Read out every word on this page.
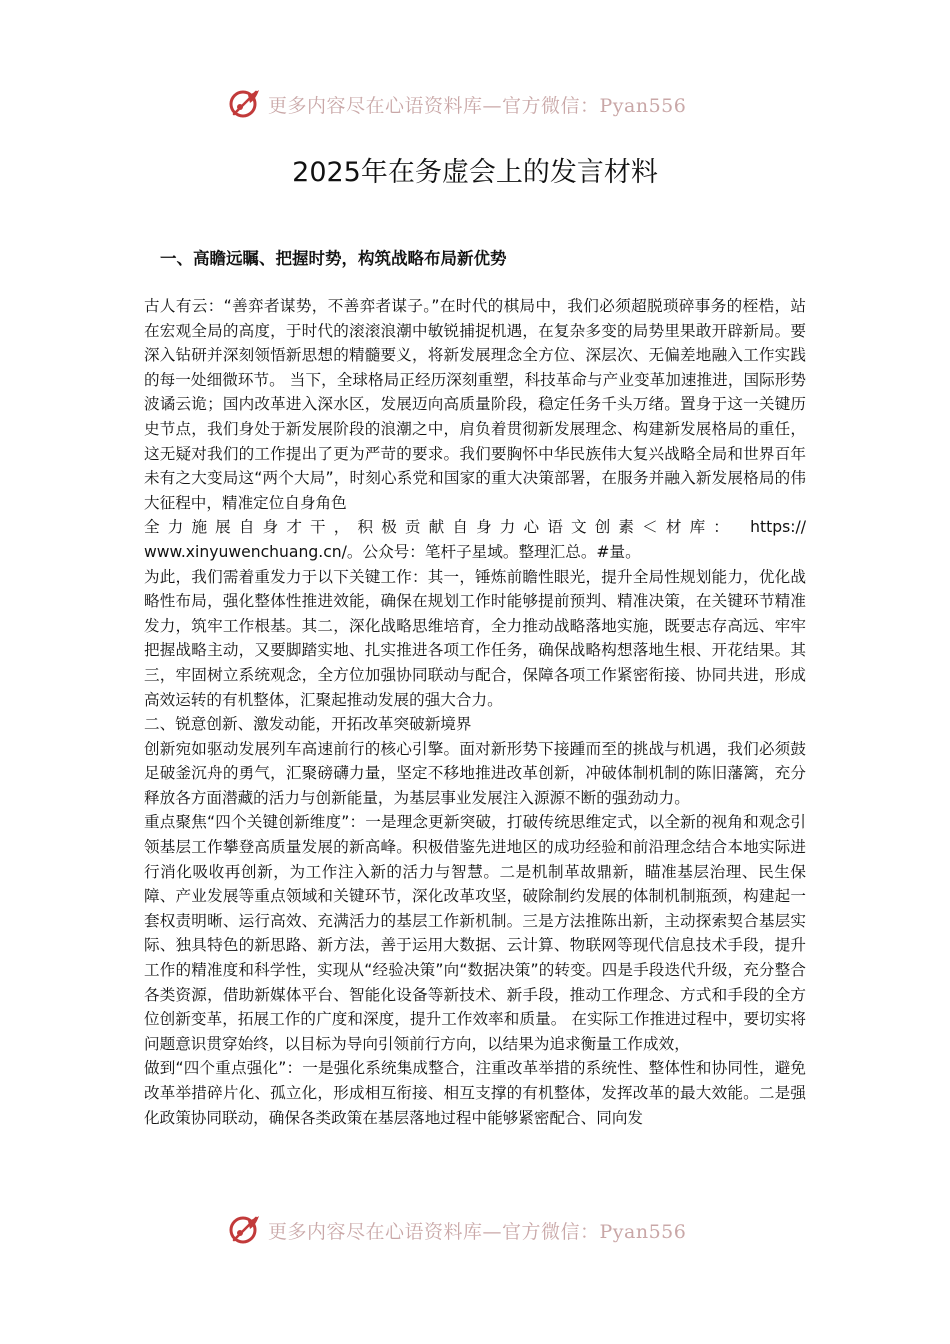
更多内容尽在心语资料库—官方微信：Pyan556
2025年在务虚会上的发言材料
一、高瞻远瞩、把握时势，构筑战略布局新优势

古人有云：“善弈者谋势，不善弈者谋子。”在时代的棋局中，我们必须超脱琐碎事务的桎梏，站在宏观全局的高度，于时代的滚滚浪潮中敏锐捕捉机遇，在复杂多变的局势里果敢开辟新局。要深入钻研并深刻领悟新思想的精髓要义，将新发展理念全方位、深层次、无偏差地融入工作实践的每一处细微环节。 当下，全球格局正经历深刻重塑，科技革命与产业变革加速推进，国际形势波谲云诡；国内改革进入深水区，发展迈向高质量阶段，稳定任务千头万绪。置身于这一关键历史节点，我们身处于新发展阶段的浪潮之中，肩负着贯彻新发展理念、构建新发展格局的重任，这无疑对我们的工作提出了更为严苛的要求。我们要胸怀中华民族伟大复兴战略全局和世界百年未有之大变局这“两个大局”，时刻心系党和国家的重大决策部署，在服务并融入新发展格局的伟大征程中，精准定位自身角色

全力施展自身才干，积极贡献自身力心语文创素＜材库： https://

www.xinyuwenchuang.cn/。公众号：笔杆子星域。整理汇总。#量。

为此，我们需着重发力于以下关键工作：其一，锤炼前瞻性眼光，提升全局性规划能力，优化战略性布局，强化整体性推进效能，确保在规划工作时能够提前预判、精准决策，在关键环节精准发力，筑牢工作根基。其二，深化战略思维培育，全力推动战略落地实施，既要志存高远、牢牢把握战略主动，又要脚踏实地、扎实推进各项工作任务，确保战略构想落地生根、开花结果。其三，牢固树立系统观念，全方位加强协同联动与配合，保障各项工作紧密衔接、协同共进，形成高效运转的有机整体，汇聚起推动发展的强大合力。

二、锐意创新、激发动能，开拓改革突破新境界

创新宛如驱动发展列车高速前行的核心引擎。面对新形势下接踵而至的挑战与机遇，我们必须鼓足破釜沉舟的勇气，汇聚磅礴力量，坚定不移地推进改革创新，冲破体制机制的陈旧藩篱，充分释放各方面潜藏的活力与创新能量，为基层事业发展注入源源不断的强劲动力。

重点聚焦“四个关键创新维度”：一是理念更新突破，打破传统思维定式，以全新的视角和观念引领基层工作攀登高质量发展的新高峰。积极借鉴先进地区的成功经验和前沿理念结合本地实际进行消化吸收再创新，为工作注入新的活力与智慧。二是机制革故鼎新，瞄准基层治理、民生保障、产业发展等重点领域和关键环节，深化改革攻坚，破除制约发展的体制机制瓶颈，构建起一套权责明晰、运行高效、充满活力的基层工作新机制。三是方法推陈出新，主动探索契合基层实际、独具特色的新思路、新方法，善于运用大数据、云计算、物联网等现代信息技术手段，提升工作的精准度和科学性，实现从“经验决策”向“数据决策”的转变。四是手段迭代升级，充分整合各类资源，借助新媒体平台、智能化设备等新技术、新手段，推动工作理念、方式和手段的全方位创新变革，拓展工作的广度和深度，提升工作效率和质量。 在实际工作推进过程中，要切实将问题意识贯穿始终，以目标为导向引领前行方向，以结果为追求衡量工作成效，

做到“四个重点强化”：一是强化系统集成整合，注重改革举措的系统性、整体性和协同性，避免改革举措碎片化、孤立化，形成相互衔接、相互支撑的有机整体，发挥改革的最大效能。二是强化政策协同联动，确保各类政策在基层落地过程中能够紧密配合、同向发

更多内容尽在心语资料库—官方微信：Pyan556
